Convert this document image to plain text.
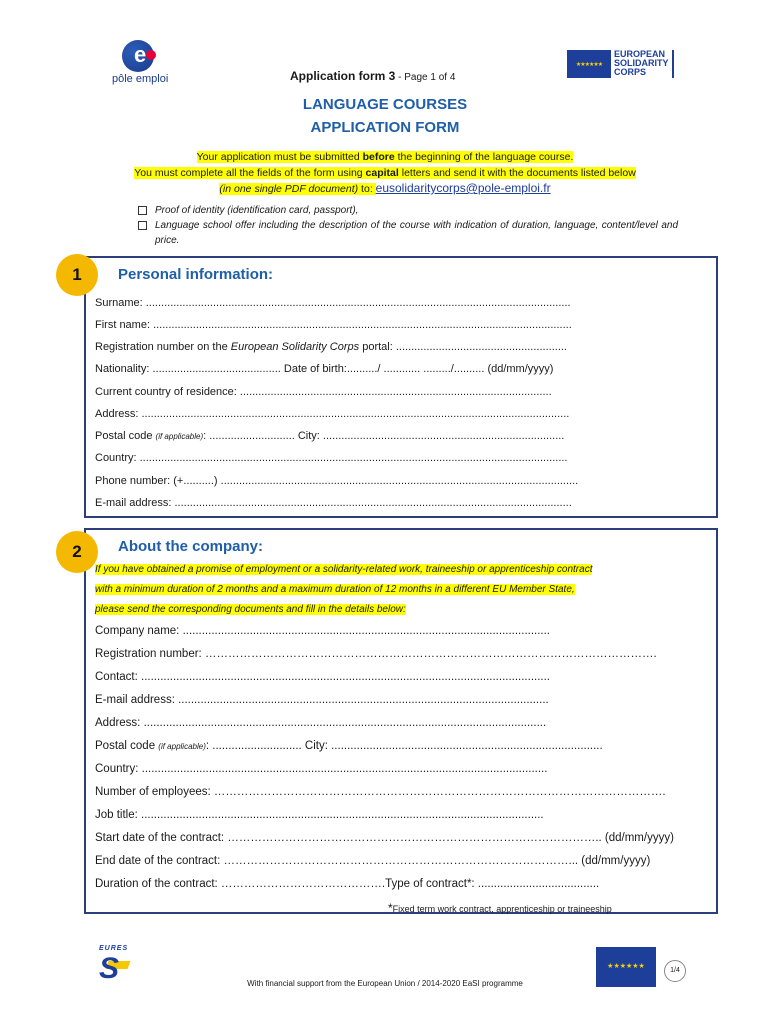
e
pôle emploi
★★★★★★
EUROPEAN
SOLIDARITY
CORPS
Application form 3 - Page 1 of 4
LANGUAGE COURSES
APPLICATION FORM
Your application must be submitted before the beginning of the language course.
You must complete all the fields of the form using capital letters and send it with the documents listed below
(in one single PDF document) to: eusolidaritycorps@pole-emploi.fr
Proof of identity (identification card, passport),
Language school offer including the description of the course with indication of duration, language, content/level and price.
1	Personal information:
Surname: ...........................................................................................................................................
First name: .........................................................................................................................................
Registration number on the European Solidarity Corps portal: ........................................................
Nationality: .......................................... Date of birth:........../ ............ ........./.......... (dd/mm/yyyy)
Current country of residence: ......................................................................................................
Address: ............................................................................................................................................
Postal code (if applicable): ............................ City: ...............................................................................
Country: ............................................................................................................................................
Phone number: (+..........) .....................................................................................................................
E-mail address: ..................................................................................................................................
2	About the company:
If you have obtained a promise of employment or a solidarity-related work, traineeship or apprenticeship contract
with a minimum duration of 2 months and a maximum duration of 12 months in a different EU Member State,
please send the corresponding documents and fill in the details below:
Company name: ...................................................................................................................
Registration number: ……………………………………………………………………………………………………….
Contact: ................................................................................................................................
E-mail address: ....................................................................................................................
Address: ..............................................................................................................................
Postal code (if applicable): ............................ City: .....................................................................................
Country: ...............................................................................................................................
Number of employees: ……………………………………………………………………………………………………….
Job title: ..............................................................................................................................
Start date of the contract: …………………………………………………………………………………….. (dd/mm/yyyy)
End date of the contract: ………………………………………………………………………………... (dd/mm/yyyy)
Duration of the contract: …………………………………….Type of contract*: ......................................
*Fixed term work contract, apprenticeship or traineeship
EURES
S	★★★★★★
1/4
With financial support from the European Union / 2014-2020 EaSI programme
